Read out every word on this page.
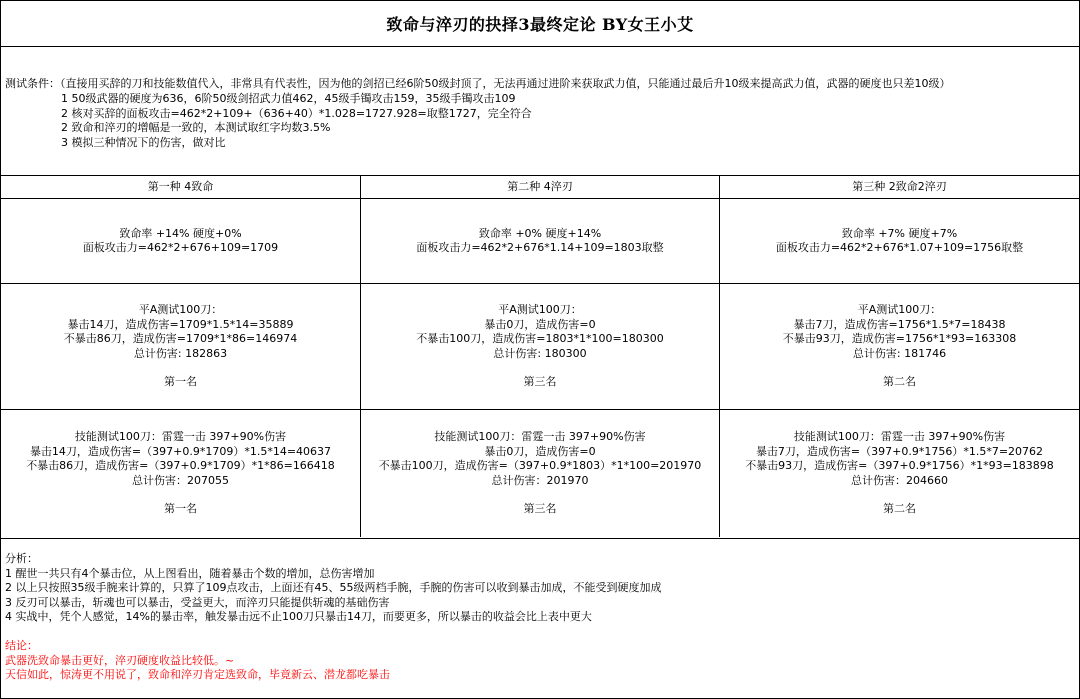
致命与淬刃的抉择3最终定论 BY女王小艾
测试条件：（直接用买辞的刀和技能数值代入，非常具有代表性，因为他的剑招已经6阶50级封顶了，无法再通过进阶来获取武力值，只能通过最后升10级来提高武力值，武器的硬度也只差10级）
1 50级武器的硬度为636，6阶50级剑招武力值462，45级手镯攻击159，35级手镯攻击109
2 核对买辞的面板攻击=462*2+109+（636+40）*1.028=1727.928=取整1727，完全符合
2 致命和淬刃的增幅是一致的，本测试取红字均数3.5%
3 模拟三种情况下的伤害，做对比
第一种 4致命	第二种 4淬刃	第三种 2致命2淬刃
致命率 +14% 硬度+0%
面板攻击力=462*2+676+109=1709
致命率 +0% 硬度+14%
面板攻击力=462*2+676*1.14+109=1803取整
致命率 +7% 硬度+7%
面板攻击力=462*2+676*1.07+109=1756取整
平A测试100刀：
暴击14刀，造成伤害=1709*1.5*14=35889
不暴击86刀，造成伤害=1709*1*86=146974
总计伤害: 182863
第一名
平A测试100刀：
暴击0刀，造成伤害=0
不暴击100刀，造成伤害=1803*1*100=180300
总计伤害: 180300
第三名
平A测试100刀：
暴击7刀，造成伤害=1756*1.5*7=18438
不暴击93刀，造成伤害=1756*1*93=163308
总计伤害: 181746
第二名
技能测试100刀：雷霆一击 397+90%伤害
暴击14刀，造成伤害=（397+0.9*1709）*1.5*14=40637
不暴击86刀，造成伤害=（397+0.9*1709）*1*86=166418
总计伤害：207055
第一名
技能测试100刀：雷霆一击 397+90%伤害
暴击0刀，造成伤害=0
不暴击100刀，造成伤害=（397+0.9*1803）*1*100=201970
总计伤害：201970
第三名
技能测试100刀：雷霆一击 397+90%伤害
暴击7刀，造成伤害=（397+0.9*1756）*1.5*7=20762
不暴击93刀，造成伤害=（397+0.9*1756）*1*93=183898
总计伤害：204660
第二名
分析：
1 醒世一共只有4个暴击位，从上图看出，随着暴击个数的增加，总伤害增加
2 以上只按照35级手腕来计算的，只算了109点攻击，上面还有45、55级两档手腕，手腕的伤害可以收到暴击加成，不能受到硬度加成
3 反刃可以暴击，斩魂也可以暴击，受益更大，而淬刃只能提供斩魂的基础伤害
4 实战中，凭个人感觉，14%的暴击率，触发暴击远不止100刀只暴击14刀，而要更多，所以暴击的收益会比上表中更大
结论：
武器洗致命暴击更好，淬刃硬度收益比较低。~
天信如此，惊涛更不用说了，致命和淬刃肯定选致命，毕竟新云、潜龙都吃暴击
